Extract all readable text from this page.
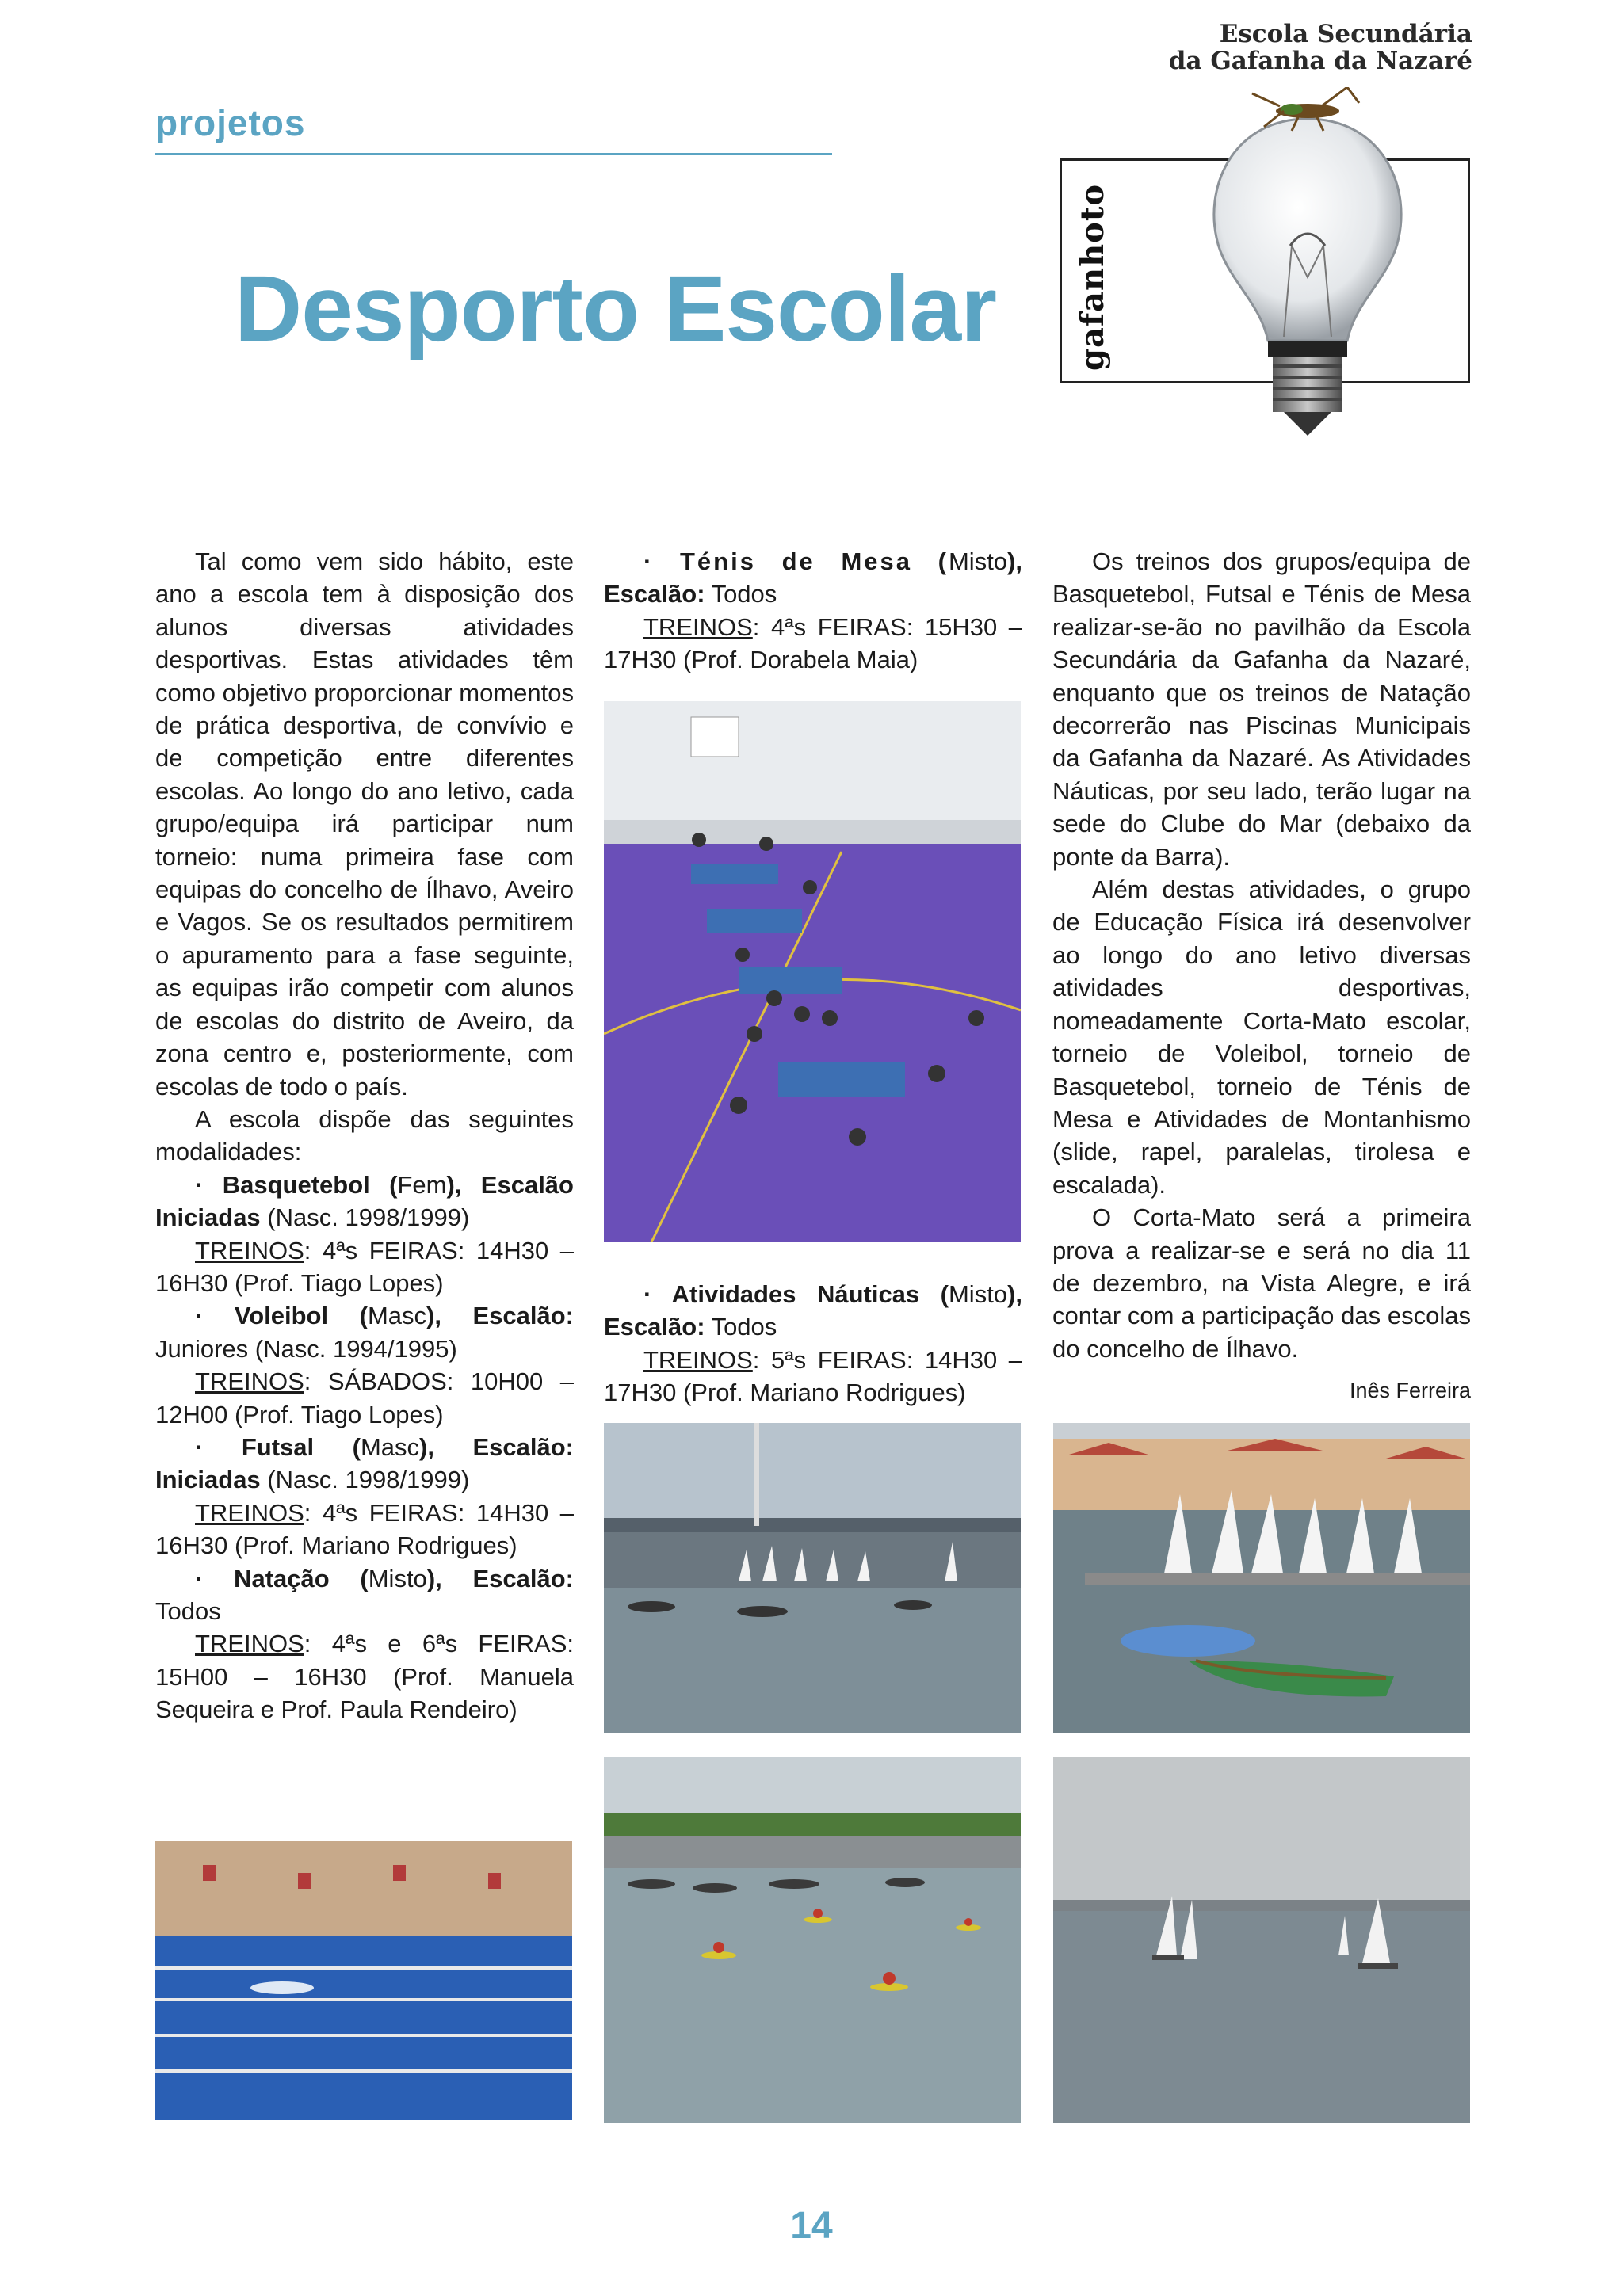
Escola Secundária
da Gafanha da Nazaré
projetos
Desporto Escolar gafanhoto

Tal como vem sido hábito, este ano a escola tem à disposição dos alunos diversas atividades desportivas. Estas atividades têm como objetivo proporcionar momentos de prática desportiva, de convívio e de competição entre diferentes escolas. Ao longo do ano letivo, cada grupo/equipa irá participar num torneio: numa primeira fase com equipas do concelho de Ílhavo, Aveiro e Vagos. Se os resultados permitirem o apuramento para a fase seguinte, as equipas irão competir com alunos de escolas do distrito de Aveiro, da zona centro e, posteriormente, com escolas de todo o país.

A escola dispõe das seguintes modalidades:

· Basquetebol (Fem), Escalão Iniciadas (Nasc. 1998/1999)

TREINOS: 4ªs FEIRAS: 14H30 – 16H30 (Prof. Tiago Lopes)

· Voleibol (Masc), Escalão: Juniores (Nasc. 1994/1995)

TREINOS: SÁBADOS: 10H00 – 12H00 (Prof. Tiago Lopes)

· Futsal (Masc), Escalão: Iniciadas (Nasc. 1998/1999)

TREINOS: 4ªs FEIRAS: 14H30 – 16H30 (Prof. Mariano Rodrigues)

· Natação (Misto), Escalão: Todos

TREINOS: 4ªs e 6ªs FEIRAS: 15H00 – 16H30 (Prof. Manuela Sequeira e Prof. Paula Rendeiro)

· Ténis de Mesa (Misto), Escalão: Todos

TREINOS: 4ªs FEIRAS: 15H30 – 17H30 (Prof. Dorabela Maia)

· Atividades Náuticas (Misto), Escalão: Todos

TREINOS: 5ªs FEIRAS: 14H30 –17H30 (Prof. Mariano Rodrigues)

Os treinos dos grupos/equipa de Basquetebol, Futsal e Ténis de Mesa realizar-se-ão no pavilhão da Escola Secundária da Gafanha da Nazaré, enquanto que os treinos de Natação decorrerão nas Piscinas Municipais da Gafanha da Nazaré. As Atividades Náuticas, por seu lado, terão lugar na sede do Clube do Mar (debaixo da ponte da Barra).

Além destas atividades, o grupo de Educação Física irá desenvolver ao longo do ano letivo diversas atividades desportivas, nomeadamente Corta-Mato escolar, torneio de Voleibol, torneio de Basquetebol, torneio de Ténis de Mesa e Atividades de Montanhismo (slide, rapel, paralelas, tirolesa e escalada).

O Corta-Mato será a primeira prova a realizar-se e será no dia 11 de dezembro, na Vista Alegre, e irá contar com a participação das escolas do concelho de Ílhavo.

Inês Ferreira

14
